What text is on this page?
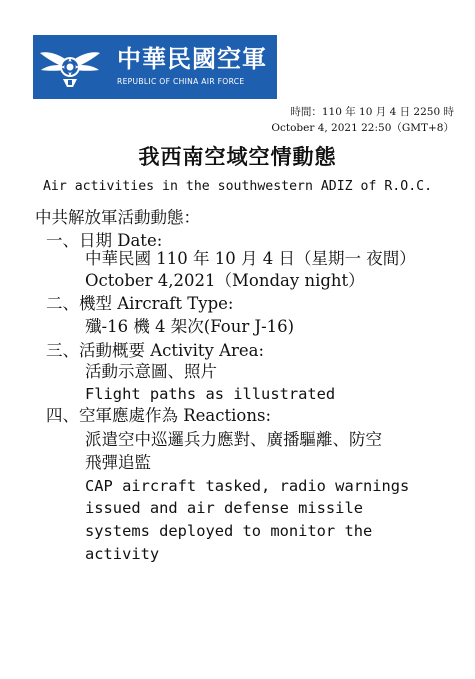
中華民國空軍
REPUBLIC OF CHINA AIR FORCE
時間：110 年 10 月 4 日 2250 時
October 4, 2021 22:50（GMT+8）
我西南空域空情動態
Air activities in the southwestern ADIZ of R.O.C.
中共解放軍活動動態：
一、日期 Date:
中華民國 110 年 10 月 4 日（星期一 夜間）
October 4,2021（Monday night）
二、機型 Aircraft Type:
殲-16 機 4 架次(Four J-16)
三、活動概要 Activity Area:
活動示意圖、照片
Flight paths as illustrated
四、空軍應處作為 Reactions:
派遣空中巡邏兵力應對、廣播驅離、防空
飛彈追監
CAP aircraft tasked, radio warnings
issued and air defense missile
systems deployed to monitor the
activity
